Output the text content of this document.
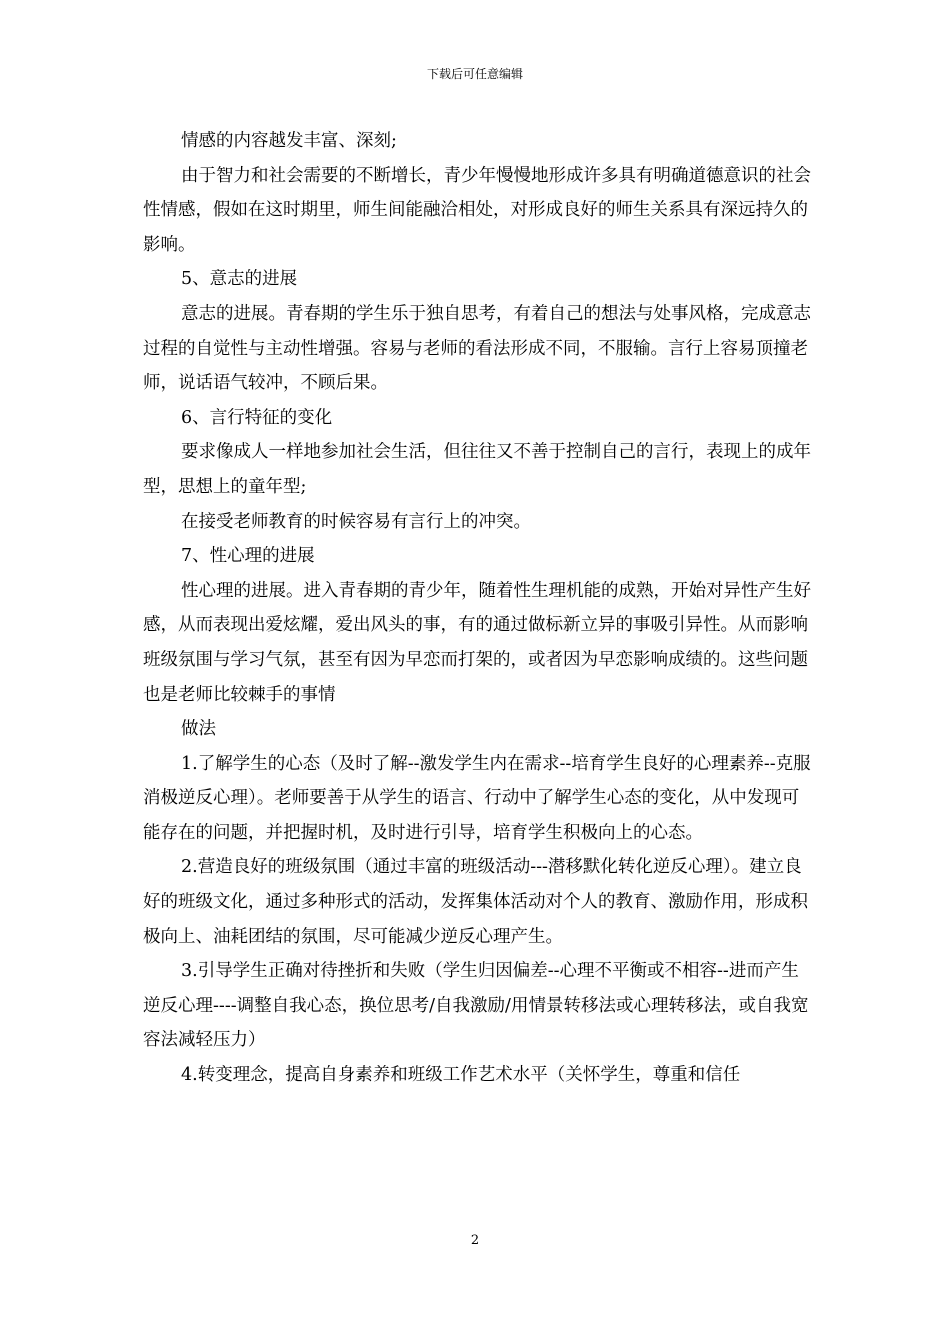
下载后可任意编辑

情感的内容越发丰富、深刻;

由于智力和社会需要的不断增长，青少年慢慢地形成许多具有明确道德意识的社会性情感，假如在这时期里，师生间能融洽相处，对形成良好的师生关系具有深远持久的影响。

5、意志的进展

意志的进展。青春期的学生乐于独自思考，有着自己的想法与处事风格，完成意志过程的自觉性与主动性增强。容易与老师的看法形成不同，不服输。言行上容易顶撞老师，说话语气较冲，不顾后果。

6、言行特征的变化

要求像成人一样地参加社会生活，但往往又不善于控制自己的言行，表现上的成年型，思想上的童年型;

在接受老师教育的时候容易有言行上的冲突。

7、性心理的进展

性心理的进展。进入青春期的青少年，随着性生理机能的成熟，开始对异性产生好感，从而表现出爱炫耀，爱出风头的事，有的通过做标新立异的事吸引异性。从而影响班级氛围与学习气氛，甚至有因为早恋而打架的，或者因为早恋影响成绩的。这些问题也是老师比较棘手的事情

做法

1.了解学生的心态（及时了解--激发学生内在需求--培育学生良好的心理素养--克服消极逆反心理）。老师要善于从学生的语言、行动中了解学生心态的变化，从中发现可能存在的问题，并把握时机，及时进行引导，培育学生积极向上的心态。

2.营造良好的班级氛围（通过丰富的班级活动---潜移默化转化逆反心理）。建立良好的班级文化，通过多种形式的活动，发挥集体活动对个人的教育、激励作用，形成积极向上、油耗团结的氛围，尽可能减少逆反心理产生。

3.引导学生正确对待挫折和失败（学生归因偏差--心理不平衡或不相容--进而产生逆反心理----调整自我心态，换位思考/自我激励/用情景转移法或心理转移法，或自我宽容法减轻压力）

4.转变理念，提高自身素养和班级工作艺术水平（关怀学生，尊重和信任

2
